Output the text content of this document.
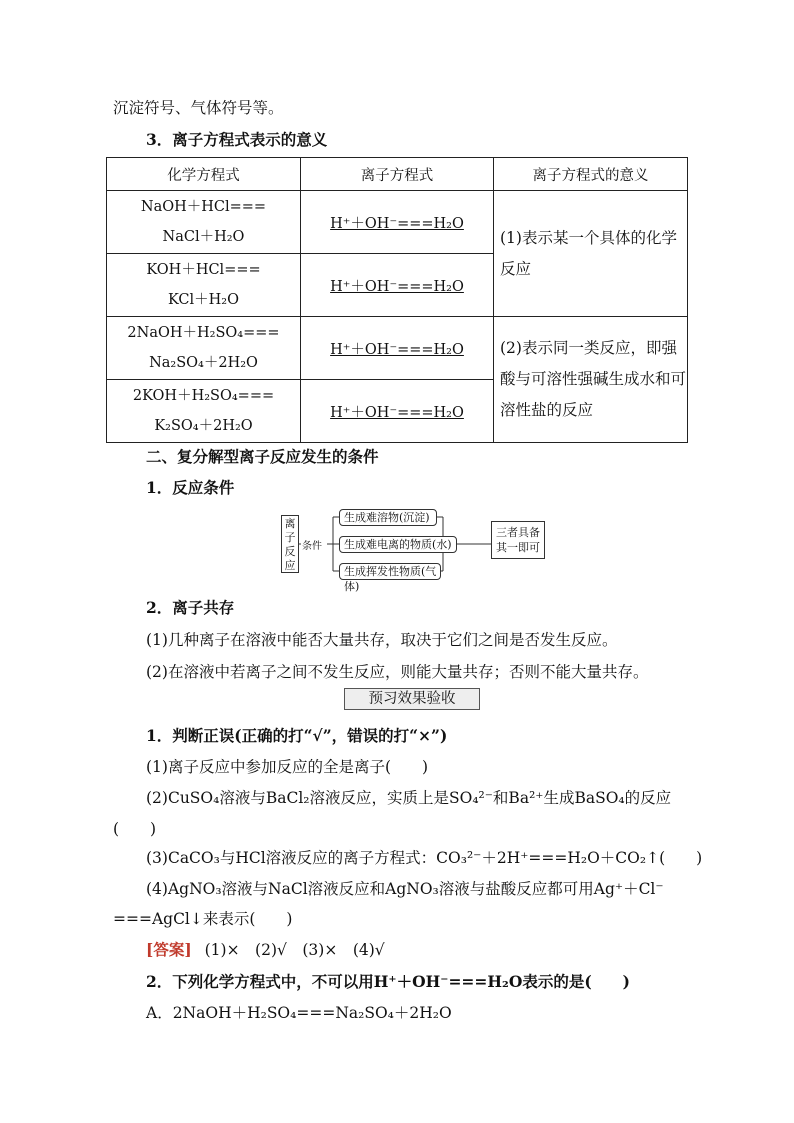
沉淀符号、气体符号等。
3．离子方程式表示的意义
化学方程式	离子方程式	离子方程式的意义

NaOH＋HCl===
NaCl＋H₂O	H⁺＋OH⁻===H₂O	(1)表示某一个具体的化学反应

KOH＋HCl===
KCl＋H₂O	H⁺＋OH⁻===H₂O	

2NaOH＋H₂SO₄===
Na₂SO₄＋2H₂O	H⁺＋OH⁻===H₂O	(2)表示同一类反应，即强酸与可溶性强碱生成水和可溶性盐的反应

2KOH＋H₂SO₄===
K₂SO₄＋2H₂O	H⁺＋OH⁻===H₂O	
二、复分解型离子反应发生的条件
1．反应条件
离子反应
条件
生成难溶物(沉淀)
生成难电离的物质(水)
生成挥发性物质(气体)
三者具备其一即可
2．离子共存
(1)几种离子在溶液中能否大量共存，取决于它们之间是否发生反应。
(2)在溶液中若离子之间不发生反应，则能大量共存；否则不能大量共存。
预习效果验收
1．判断正误(正确的打“√”，错误的打“×”)
(1)离子反应中参加反应的全是离子(　　)
(2)CuSO₄溶液与BaCl₂溶液反应，实质上是SO₄²⁻和Ba²⁺生成BaSO₄的反应
(　　)
(3)CaCO₃与HCl溶液反应的离子方程式：CO₃²⁻＋2H⁺===H₂O＋CO₂↑(　　)
(4)AgNO₃溶液与NaCl溶液反应和AgNO₃溶液与盐酸反应都可用Ag⁺＋Cl⁻
===AgCl↓来表示(　　)
[答案] (1)×　(2)√　(3)×　(4)√
2．下列化学方程式中，不可以用H⁺＋OH⁻===H₂O表示的是(　　)
A．2NaOH＋H₂SO₄===Na₂SO₄＋2H₂O
